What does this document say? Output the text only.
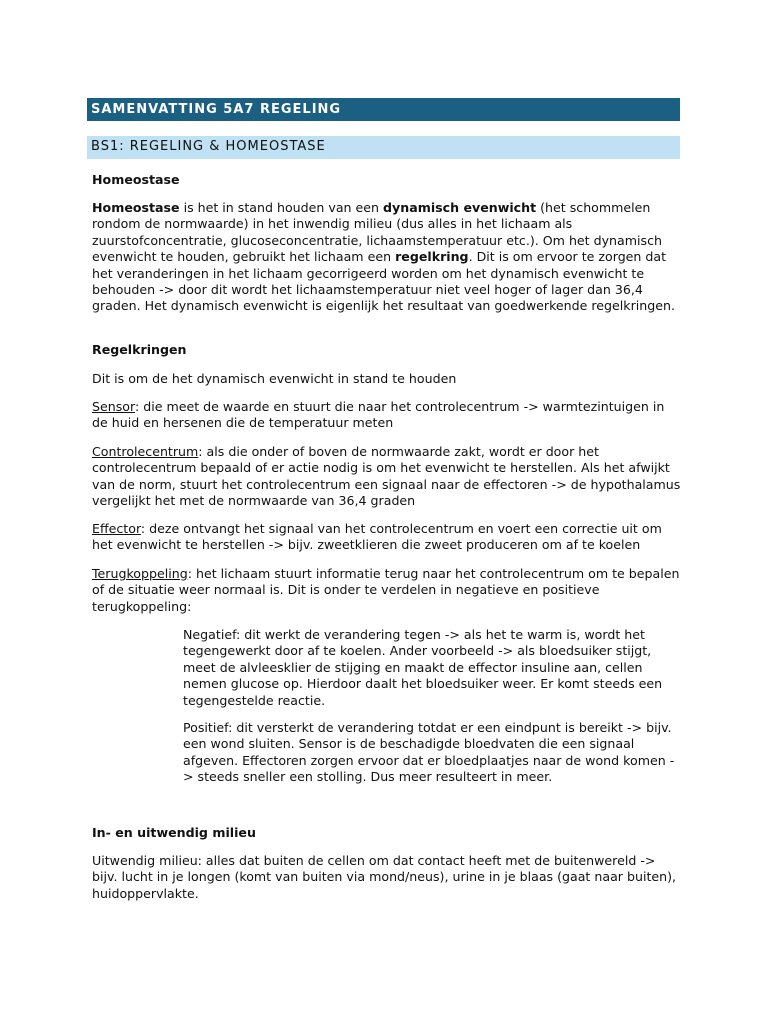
SAMENVATTING 5A7 REGELING
BS1: REGELING & HOMEOSTASE

Homeostase

Homeostase is het in stand houden van een dynamisch evenwicht (het schommelen rondom de normwaarde) in het inwendig milieu (dus alles in het lichaam als zuurstofconcentratie, glucoseconcentratie, lichaamstemperatuur etc.). Om het dynamisch evenwicht te houden, gebruikt het lichaam een regelkring. Dit is om ervoor te zorgen dat het veranderingen in het lichaam gecorrigeerd worden om het dynamisch evenwicht te behouden -> door dit wordt het lichaamstemperatuur niet veel hoger of lager dan 36,4 graden. Het dynamisch evenwicht is eigenlijk het resultaat van goedwerkende regelkringen.

Regelkringen

Dit is om de het dynamisch evenwicht in stand te houden

Sensor: die meet de waarde en stuurt die naar het controlecentrum -> warmtezintuigen in de huid en hersenen die de temperatuur meten

Controlecentrum: als die onder of boven de normwaarde zakt, wordt er door het controlecentrum bepaald of er actie nodig is om het evenwicht te herstellen. Als het afwijkt van de norm, stuurt het controlecentrum een signaal naar de effectoren -> de hypothalamus vergelijkt het met de normwaarde van 36,4 graden

Effector: deze ontvangt het signaal van het controlecentrum en voert een correctie uit om het evenwicht te herstellen -> bijv. zweetklieren die zweet produceren om af te koelen

Terugkoppeling: het lichaam stuurt informatie terug naar het controlecentrum om te bepalen of de situatie weer normaal is. Dit is onder te verdelen in negatieve en positieve terugkoppeling:

Negatief: dit werkt de verandering tegen -> als het te warm is, wordt het tegengewerkt door af te koelen. Ander voorbeeld -> als bloedsuiker stijgt, meet de alvleesklier de stijging en maakt de effector insuline aan, cellen nemen glucose op. Hierdoor daalt het bloedsuiker weer. Er komt steeds een tegengestelde reactie.

Positief: dit versterkt de verandering totdat er een eindpunt is bereikt -> bijv. een wond sluiten. Sensor is de beschadigde bloedvaten die een signaal afgeven. Effectoren zorgen ervoor dat er bloedplaatjes naar de wond komen -> steeds sneller een stolling. Dus meer resulteert in meer.

In- en uitwendig milieu

Uitwendig milieu: alles dat buiten de cellen om dat contact heeft met de buitenwereld -> bijv. lucht in je longen (komt van buiten via mond/neus), urine in je blaas (gaat naar buiten), huidoppervlakte.
